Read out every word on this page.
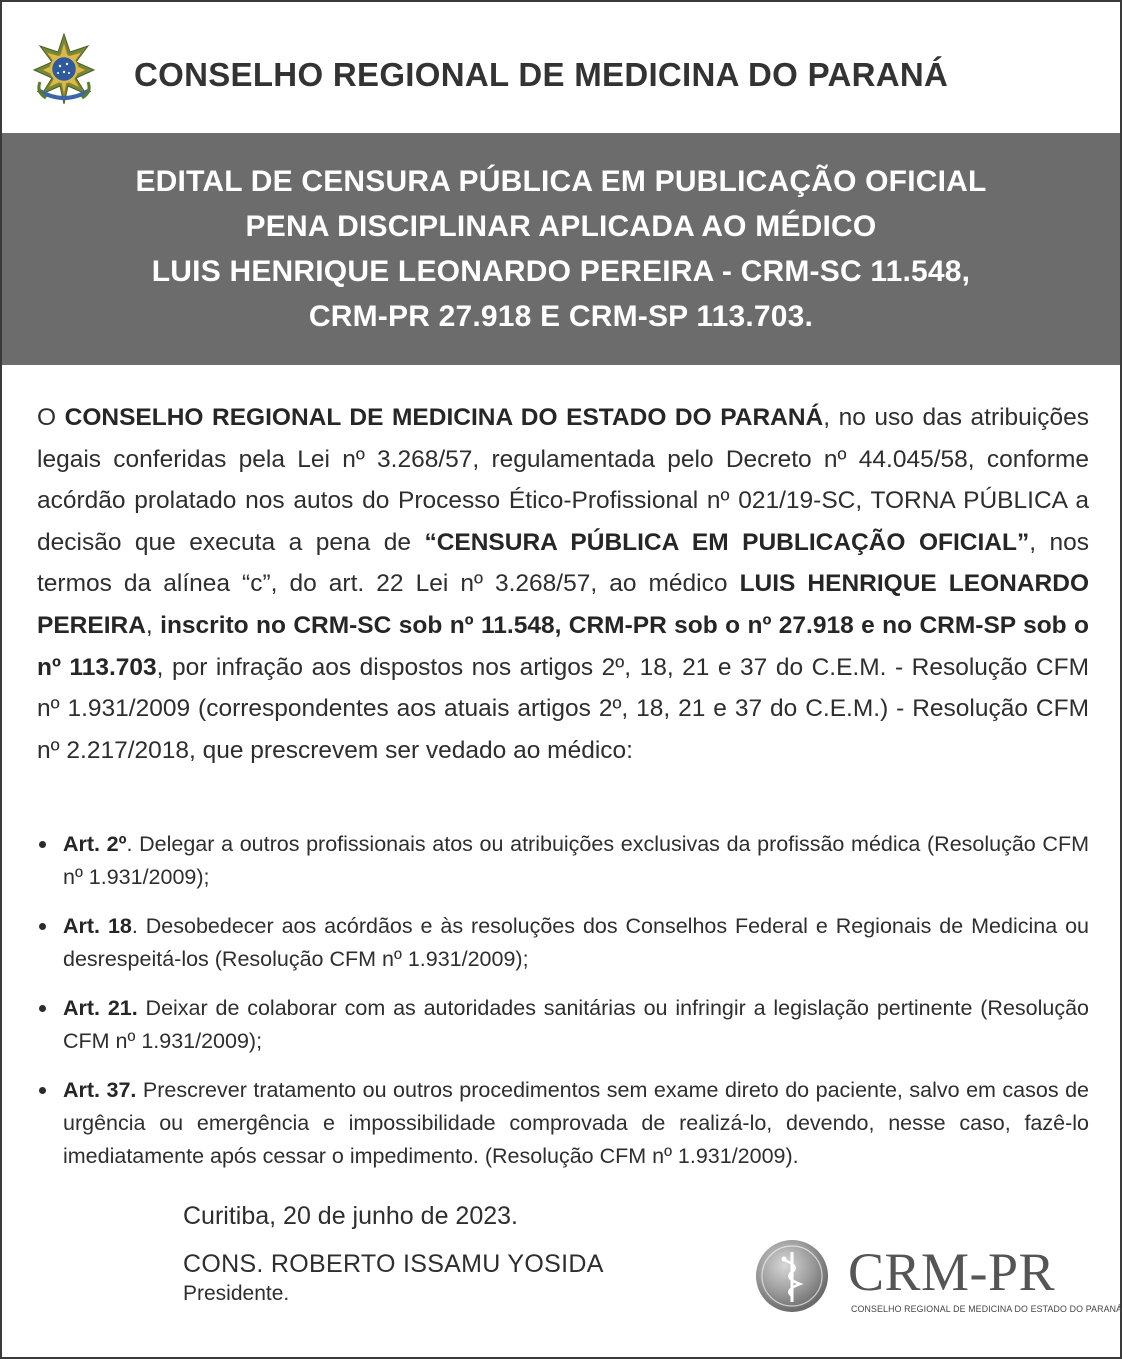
CONSELHO REGIONAL DE MEDICINA DO PARANÁ
EDITAL DE CENSURA PÚBLICA EM PUBLICAÇÃO OFICIAL
PENA DISCIPLINAR APLICADA AO MÉDICO
LUIS HENRIQUE LEONARDO PEREIRA - CRM-SC 11.548,
CRM-PR 27.918 E CRM-SP 113.703.

O CONSELHO REGIONAL DE MEDICINA DO ESTADO DO PARANÁ, no uso das atribuições legais conferidas pela Lei nº 3.268/57, regulamentada pelo Decreto nº 44.045/58, conforme acórdão prolatado nos autos do Processo Ético-Profissional nº 021/19-SC, TORNA PÚBLICA a decisão que executa a pena de “CENSURA PÚBLICA EM PUBLICAÇÃO OFICIAL”, nos termos da alínea “c”, do art. 22 Lei nº 3.268/57, ao médico LUIS HENRIQUE LEONARDO PEREIRA, inscrito no CRM-SC sob nº 11.548, CRM-PR sob o nº 27.918 e no CRM-SP sob o nº 113.703, por infração aos dispostos nos artigos 2º, 18, 21 e 37 do C.E.M. - Resolução CFM nº 1.931/2009 (correspondentes aos atuais artigos 2º, 18, 21 e 37 do C.E.M.) - Resolução CFM nº 2.217/2018, que prescrevem ser vedado ao médico:

Art. 2º. Delegar a outros profissionais atos ou atribuições exclusivas da profissão médica (Resolução CFM nº 1.931/2009);
Art. 18. Desobedecer aos acórdãos e às resoluções dos Conselhos Federal e Regionais de Medicina ou desrespeitá-los (Resolução CFM nº 1.931/2009);
Art. 21. Deixar de colaborar com as autoridades sanitárias ou infringir a legislação pertinente (Resolução CFM nº 1.931/2009);
Art. 37. Prescrever tratamento ou outros procedimentos sem exame direto do paciente, salvo em casos de urgência ou emergência e impossibilidade comprovada de realizá-lo, devendo, nesse caso, fazê-lo imediatamente após cessar o impedimento. (Resolução CFM nº 1.931/2009).
Curitiba, 20 de junho de 2023.
CONS. ROBERTO ISSAMU YOSIDA
Presidente.	CRM-PR
CONSELHO REGIONAL DE MEDICINA DO ESTADO DO PARANÁ
